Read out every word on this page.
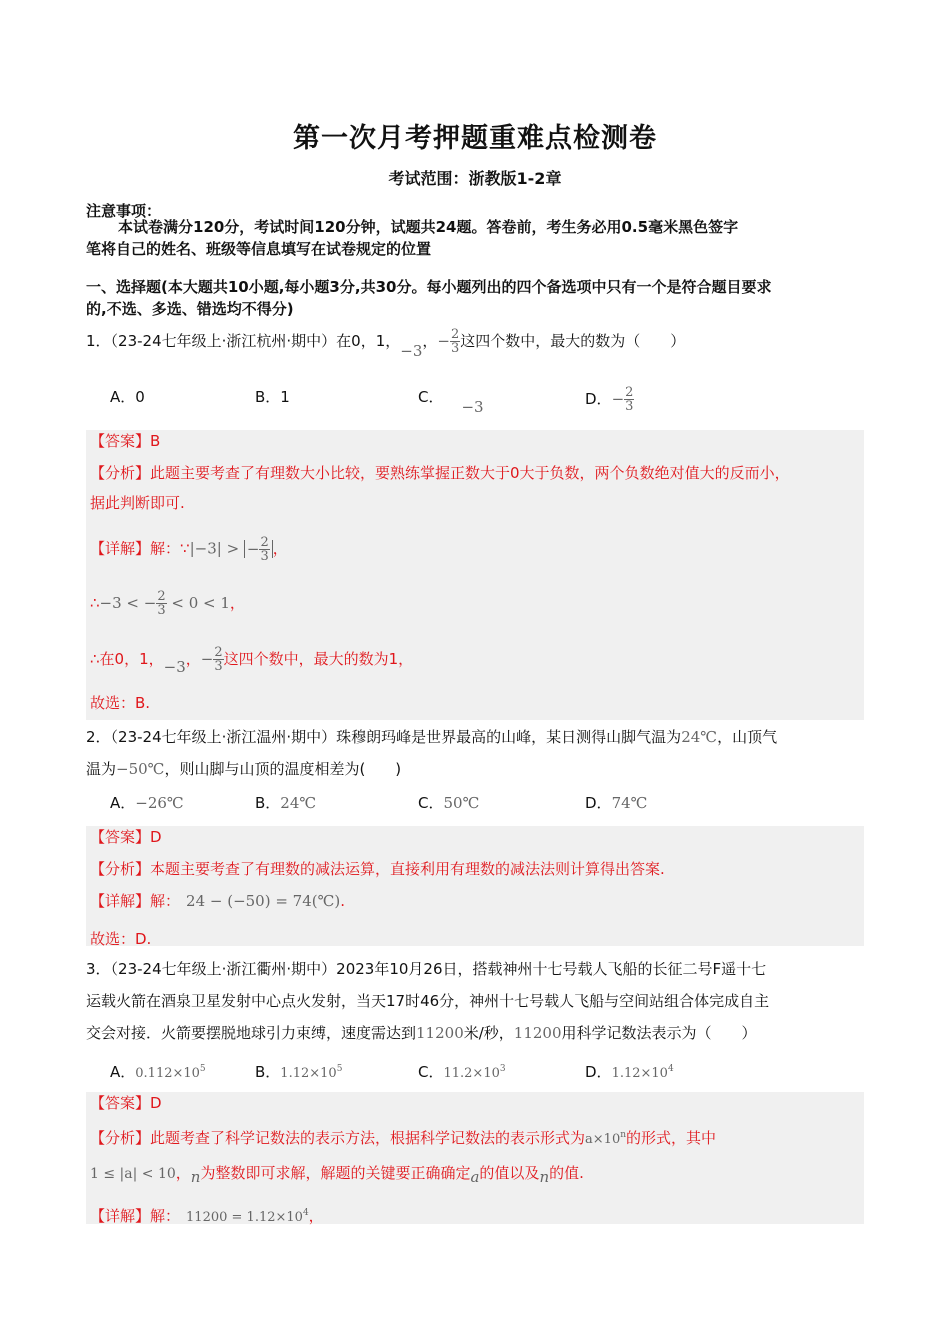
第一次月考押题重难点检测卷
考试范围：浙教版1-2章
注意事项：
本试卷满分120分，考试时间120分钟，试题共24题。答卷前，考生务必用0.5毫米黑色签字
笔将自己的姓名、班级等信息填写在试卷规定的位置
一、选择题(本大题共10小题,每小题3分,共30分。每小题列出的四个备选项中只有一个是符合题目要求
的,不选、多选、错选均不得分)
1．（23-24七年级上·浙江杭州·期中）在0，1，−3，− $\frac{2}{3}$ 这四个数中，最大的数为（　　）
A．0	B．1	C．−3	D．− $\frac{2}{3}$
【答案】B
【分析】此题主要考查了有理数大小比较，要熟练掌握正数大于0大于负数，两个负数绝对值大的反而小，
据此判断即可.
【详解】解：∵|−3| > − $\frac{2}{3}$ ，
∴−3 < − $\frac{2}{3} < 0 < 1$，
∴在0，1，−3，− $\frac{2}{3}$ 这四个数中，最大的数为1，
故选：B.
2．（23-24七年级上·浙江温州·期中）珠穆朗玛峰是世界最高的山峰，某日测得山脚气温为24℃，山顶气
温为−50℃，则山脚与山顶的温度相差为(　　)
A．−26℃	B．24℃	C．50℃	D．74℃
【答案】D
【分析】本题主要考查了有理数的减法运算，直接利用有理数的减法法则计算得出答案.
【详解】解： 24 − (−50) = 74(℃).
故选：D.
3．（23-24七年级上·浙江衢州·期中）2023年10月26日，搭载神州十七号载人飞船的长征二号F遥十七
运载火箭在酒泉卫星发射中心点火发射，当天17时46分，神州十七号载人飞船与空间站组合体完成自主
交会对接．火箭要摆脱地球引力束缚，速度需达到11200米/秒，11200用科学记数法表示为（　　）
A．$0.112\times 10^5$	B．$1.12\times 10^5$	C．$11.2\times 10^3$	D．$1.12\times 10^4$
【答案】D
【分析】此题考查了科学记数法的表示方法，根据科学记数法的表示形式为$a\times 10^n$的形式，其中
1 ≤ |a| < 10，n为整数即可求解，解题的关键要正确确定a的值以及n的值.
【详解】解： $11200 = 1.12\times 10^4$，
